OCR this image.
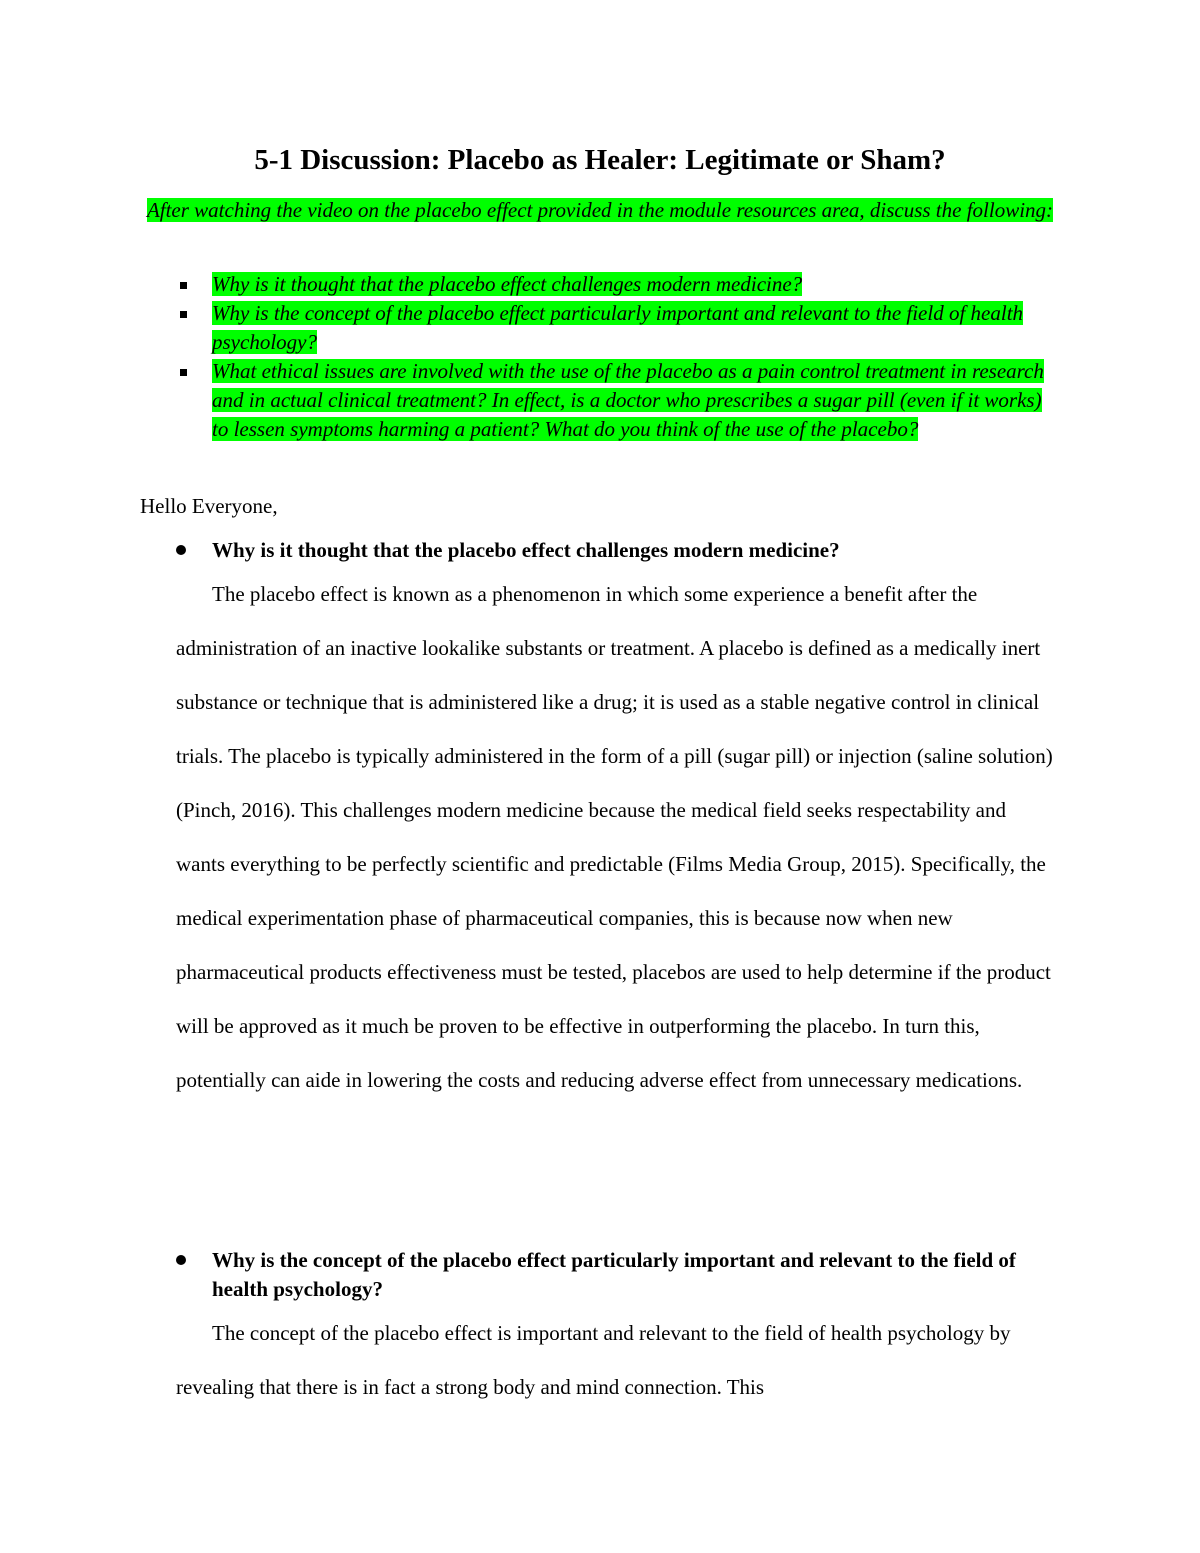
5-1 Discussion: Placebo as Healer: Legitimate or Sham?

After watching the video on the placebo effect provided in the module resources area, discuss the following:

Why is it thought that the placebo effect challenges modern medicine?
Why is the concept of the placebo effect particularly important and relevant to the field of health psychology?
What ethical issues are involved with the use of the placebo as a pain control treatment in research and in actual clinical treatment? In effect, is a doctor who prescribes a sugar pill (even if it works) to lessen symptoms harming a patient? What do you think of the use of the placebo?

Hello Everyone,

Why is it thought that the placebo effect challenges modern medicine?

The placebo effect is known as a phenomenon in which some experience a benefit after the administration of an inactive lookalike substants or treatment. A placebo is defined as a medically inert substance or technique that is administered like a drug; it is used as a stable negative control in clinical trials. The placebo is typically administered in the form of a pill (sugar pill) or injection (saline solution) (Pinch, 2016). This challenges modern medicine because the medical field seeks respectability and wants everything to be perfectly scientific and predictable (Films Media Group, 2015). Specifically, the medical experimentation phase of pharmaceutical companies, this is because now when new pharmaceutical products effectiveness must be tested, placebos are used to help determine if the product will be approved as it much be proven to be effective in outperforming the placebo. In turn this, potentially can aide in lowering the costs and reducing adverse effect from unnecessary medications.

Why is the concept of the placebo effect particularly important and relevant to the field of health psychology?

The concept of the placebo effect is important and relevant to the field of health psychology by revealing that there is in fact a strong body and mind connection. This
